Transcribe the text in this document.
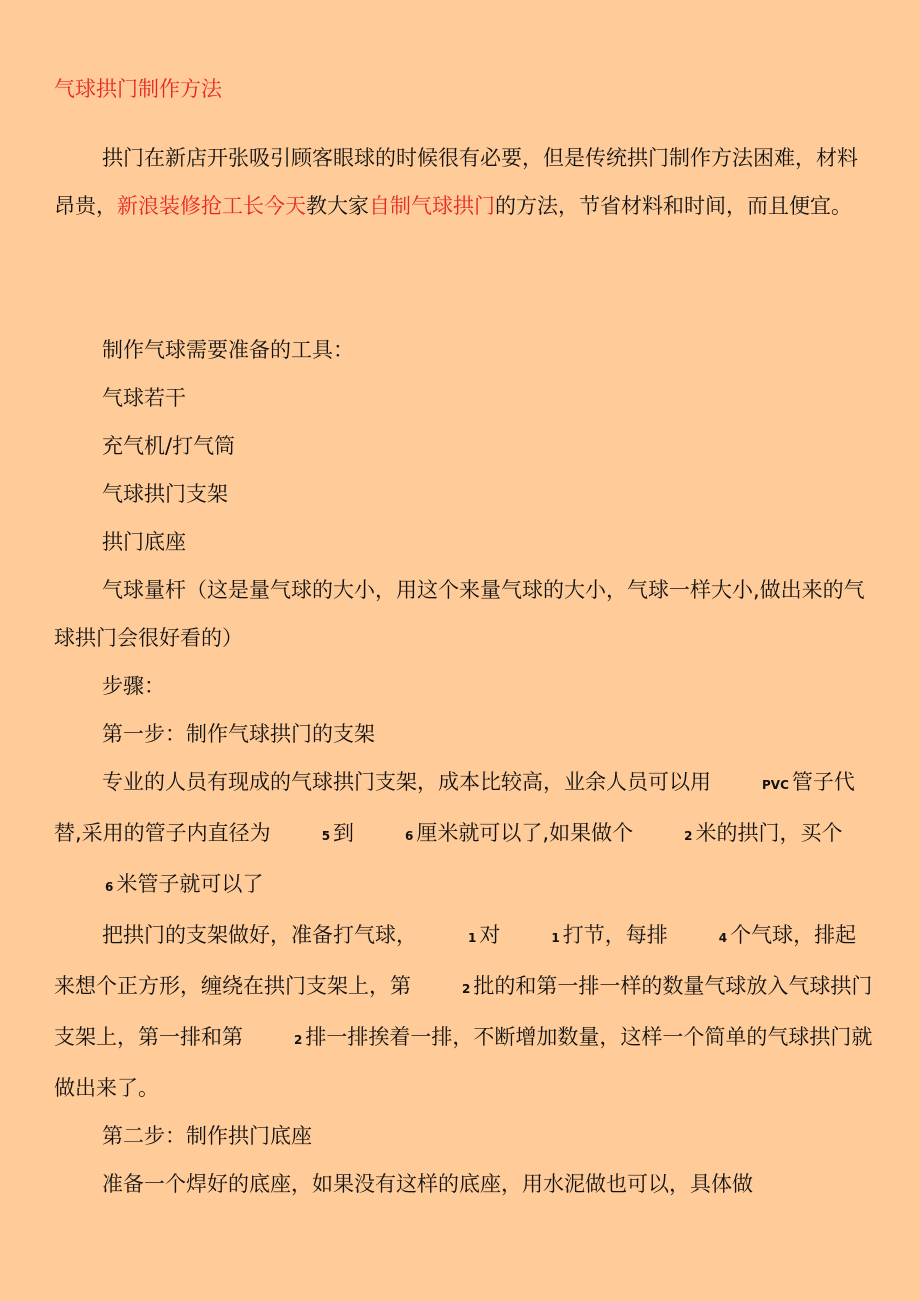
气球拱门制作方法

拱门在新店开张吸引顾客眼球的时候很有必要，但是传统拱门制作方法困难，材料昂贵，新浪装修抢工长今天教大家自制气球拱门的方法，节省材料和时间，而且便宜。

制作气球需要准备的工具：

气球若干

充气机/打气筒

气球拱门支架

拱门底座

气球量杆（这是量气球的大小，用这个来量气球的大小，气球一样大小,做出来的气球拱门会很好看的）

步骤：

第一步：制作气球拱门的支架

专业的人员有现成的气球拱门支架，成本比较高，业余人员可以用	PVC 管子代替,采用的管子内直径为	5 到	6 厘米就可以了,如果做个	2 米的拱门，买个6 米管子就可以了

把拱门的支架做好，准备打气球，	1 对	1 打节，每排	4 个气球，排起来想个正方形，缠绕在拱门支架上，第	2 批的和第一排一样的数量气球放入气球拱门支架上，第一排和第	2 排一排挨着一排，不断增加数量，这样一个简单的气球拱门就做出来了。

第二步：制作拱门底座

准备一个焊好的底座，如果没有这样的底座，用水泥做也可以，具体做
